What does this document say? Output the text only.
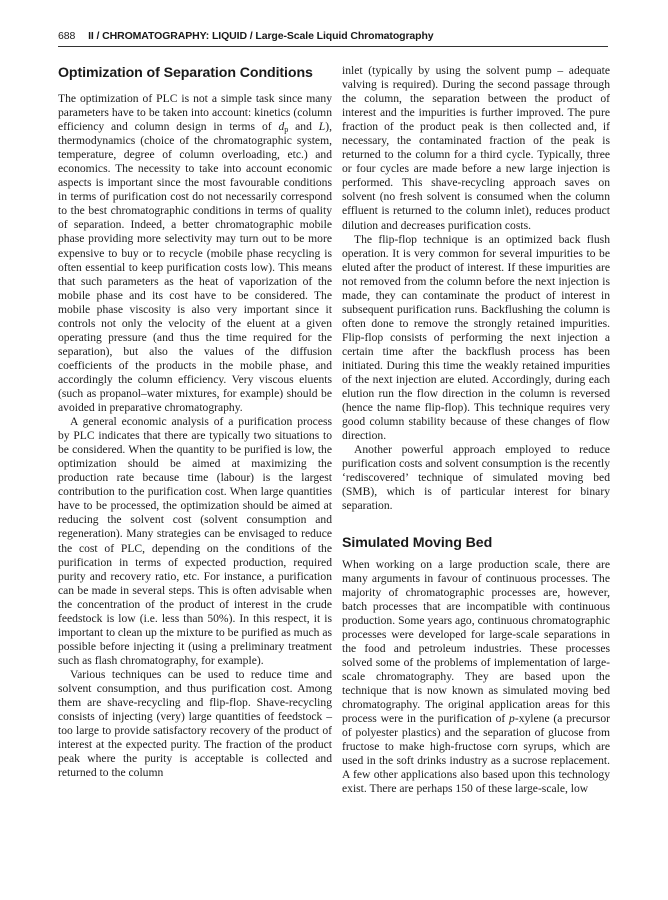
688 II / CHROMATOGRAPHY: LIQUID / Large-Scale Liquid Chromatography
Optimization of Separation Conditions

The optimization of PLC is not a simple task since many parameters have to be taken into account: kinetics (column efficiency and column design in terms of $d_p$ and L), thermodynamics (choice of the chromatographic system, temperature, degree of column overloading, etc.) and economics. The necessity to take into account economic aspects is important since the most favourable conditions in terms of purification cost do not necessarily correspond to the best chromatographic conditions in terms of quality of separation. Indeed, a better chromatographic mobile phase providing more selectivity may turn out to be more expensive to buy or to recycle (mobile phase recycling is often essential to keep purification costs low). This means that such parameters as the heat of vaporization of the mobile phase and its cost have to be considered. The mobile phase viscosity is also very important since it controls not only the velocity of the eluent at a given operating pressure (and thus the time required for the separation), but also the values of the diffusion coefficients of the products in the mobile phase, and accordingly the column efficiency. Very viscous eluents (such as propanol–water mixtures, for example) should be avoided in preparative chromatography.

A general economic analysis of a purification process by PLC indicates that there are typically two situations to be considered. When the quantity to be purified is low, the optimization should be aimed at maximizing the production rate because time (labour) is the largest contribution to the purification cost. When large quantities have to be processed, the optimization should be aimed at reducing the solvent cost (solvent consumption and regeneration). Many strategies can be envisaged to reduce the cost of PLC, depending on the conditions of the purification in terms of expected production, required purity and recovery ratio, etc. For instance, a purification can be made in several steps. This is often advisable when the concentration of the product of interest in the crude feedstock is low (i.e. less than 50%). In this respect, it is important to clean up the mixture to be purified as much as possible before injecting it (using a preliminary treatment such as flash chromatography, for example).

Various techniques can be used to reduce time and solvent consumption, and thus purification cost. Among them are shave-recycling and flip-flop. Shave-recycling consists of injecting (very) large quantities of feedstock – too large to provide satisfactory recovery of the product of interest at the expected purity. The fraction of the product peak where the purity is acceptable is collected and returned to the column

inlet (typically by using the solvent pump – adequate valving is required). During the second passage through the column, the separation between the product of interest and the impurities is further improved. The pure fraction of the product peak is then collected and, if necessary, the contaminated fraction of the peak is returned to the column for a third cycle. Typically, three or four cycles are made before a new large injection is performed. This shave-recycling approach saves on solvent (no fresh solvent is consumed when the column effluent is returned to the column inlet), reduces product dilution and decreases purification costs.

The flip-flop technique is an optimized back flush operation. It is very common for several impurities to be eluted after the product of interest. If these impurities are not removed from the column before the next injection is made, they can contaminate the product of interest in subsequent purification runs. Backflushing the column is often done to remove the strongly retained impurities. Flip-flop consists of performing the next injection a certain time after the backflush process has been initiated. During this time the weakly retained impurities of the next injection are eluted. Accordingly, during each elution run the flow direction in the column is reversed (hence the name flip-flop). This technique requires very good column stability because of these changes of flow direction.

Another powerful approach employed to reduce purification costs and solvent consumption is the recently ‘rediscovered’ technique of simulated moving bed (SMB), which is of particular interest for binary separation.

Simulated Moving Bed

When working on a large production scale, there are many arguments in favour of continuous processes. The majority of chromatographic processes are, however, batch processes that are incompatible with continuous production. Some years ago, continuous chromatographic processes were developed for large-scale separations in the food and petroleum industries. These processes solved some of the problems of implementation of large-scale chromatography. They are based upon the technique that is now known as simulated moving bed chromatography. The original application areas for this process were in the purification of p-xylene (a precursor of polyester plastics) and the separation of glucose from fructose to make high-fructose corn syrups, which are used in the soft drinks industry as a sucrose replacement. A few other applications also based upon this technology exist. There are perhaps 150 of these large-scale, low
